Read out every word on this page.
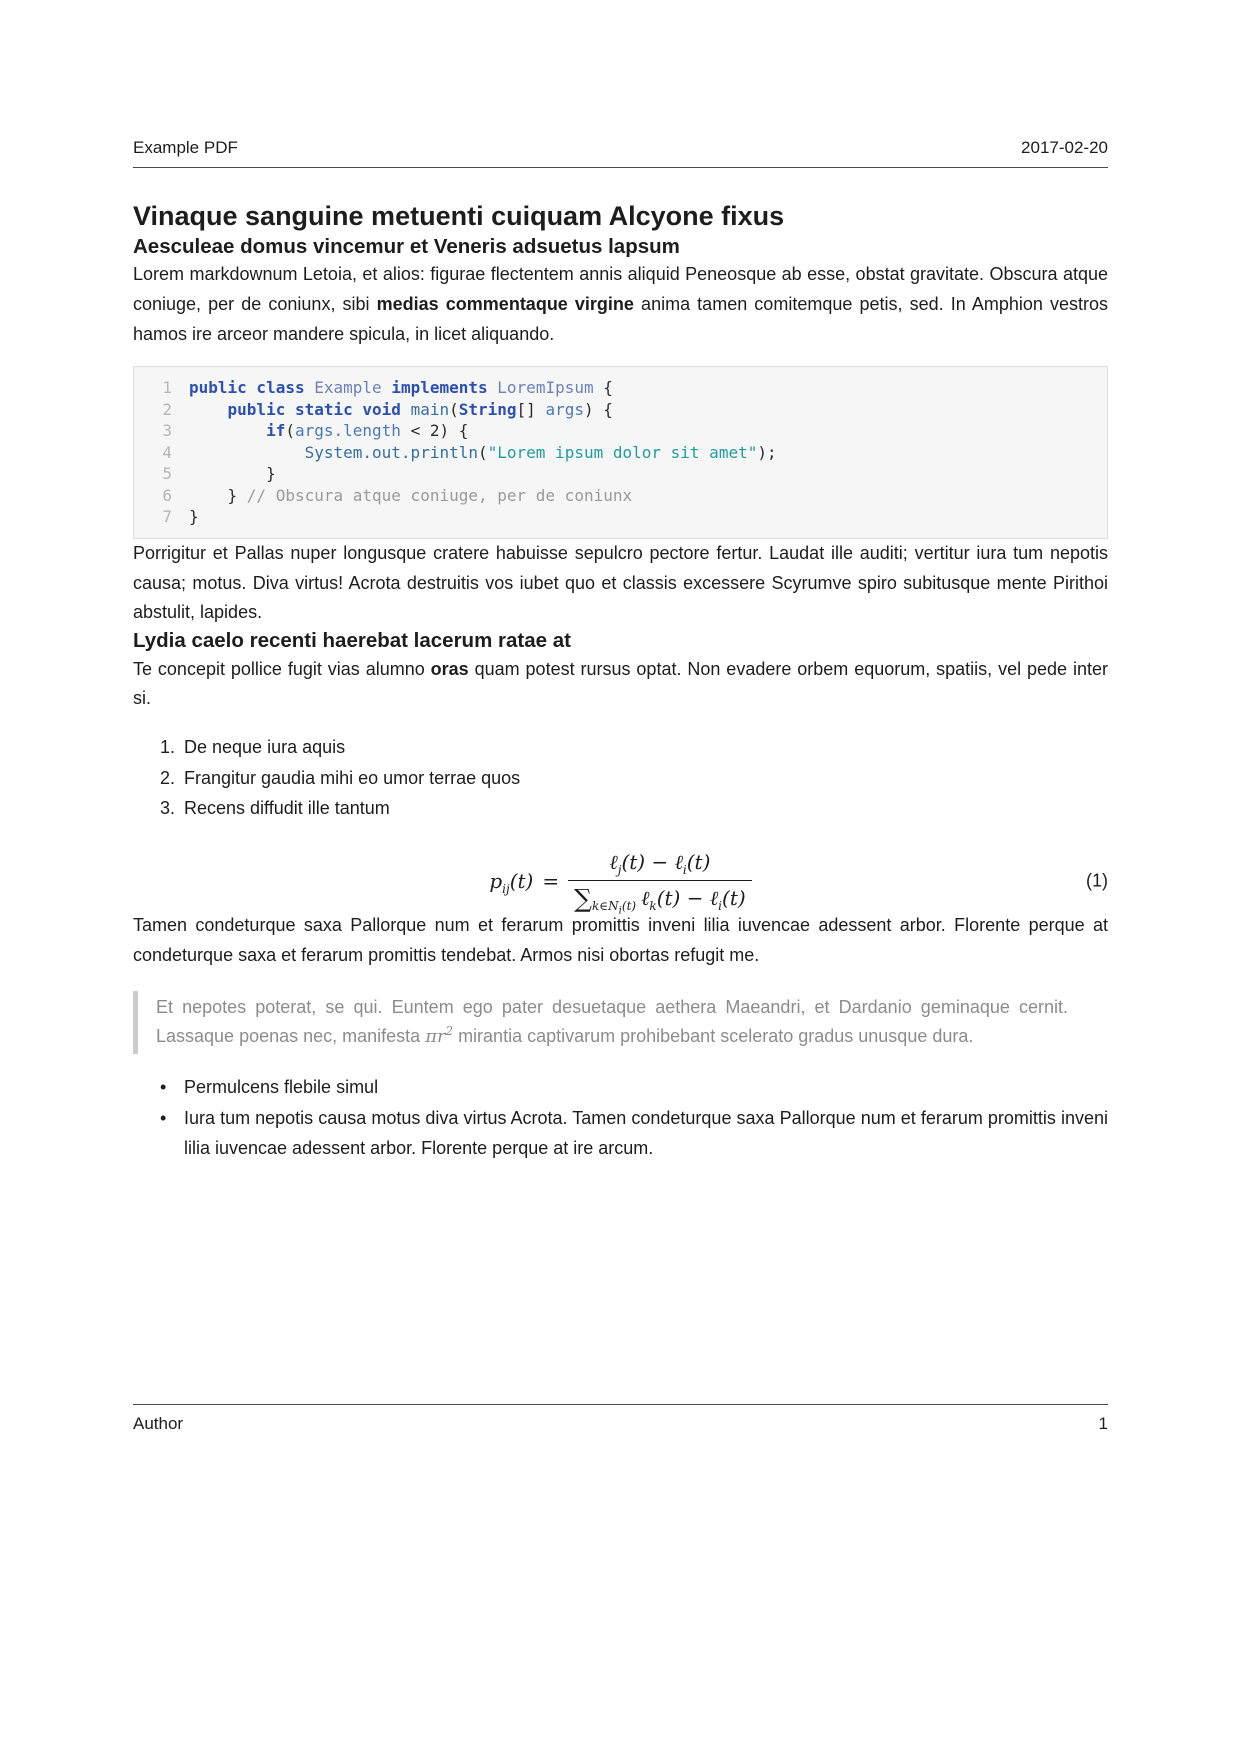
Example PDF	2017-02-20
Vinaque sanguine metuenti cuiquam Alcyone fixus
Aesculeae domus vincemur et Veneris adsuetus lapsum

Lorem markdownum Letoia, et alios: figurae flectentem annis aliquid Peneosque ab esse, obstat gravitate. Obscura atque coniuge, per de coniunx, sibi medias commentaque virgine anima tamen comitemque petis, sed. In Amphion vestros hamos ire arceor mandere spicula, in licet aliquando.

1	public class Example implements LoremIpsum {
2	public static void main(String[] args) {
3	if(args.length < 2) {
4	System.out.println("Lorem ipsum dolor sit amet");
5	}
6	} // Obscura atque coniuge, per de coniunx
7	}

Porrigitur et Pallas nuper longusque cratere habuisse sepulcro pectore fertur. Laudat ille auditi; vertitur iura tum nepotis causa; motus. Diva virtus! Acrota destruitis vos iubet quo et classis excessere Scyrumve spiro subitusque mente Pirithoi abstulit, lapides.

Lydia caelo recenti haerebat lacerum ratae at

Te concepit pollice fugit vias alumno oras quam potest rursus optat. Non evadere orbem equorum, spatiis, vel pede inter si.

1. De neque iura aquis
2. Frangitur gaudia mihi eo umor terrae quos
3. Recens diffudit ille tantum
$p_{ij}(t) = \frac{\ell_j(t) - \ell_i(t)}{\sum_{k\in N_i(t)} \ell_k(t) - \ell_i(t)}$	(1)

Tamen condeturque saxa Pallorque num et ferarum promittis inveni lilia iuvencae adessent arbor. Florente perque at condeturque saxa et ferarum promittis tendebat. Armos nisi obortas refugit me.

Et nepotes poterat, se qui. Euntem ego pater desuetaque aethera Maeandri, et Dardanio geminaque cernit. Lassaque poenas nec, manifesta $\pi r^2$ mirantia captivarum prohibebant scelerato gradus unusque dura.

• Permulcens flebile simul
• Iura tum nepotis causa motus diva virtus Acrota. Tamen condeturque saxa Pallorque num et ferarum promittis inveni lilia iuvencae adessent arbor. Florente perque at ire arcum.
Author	1
